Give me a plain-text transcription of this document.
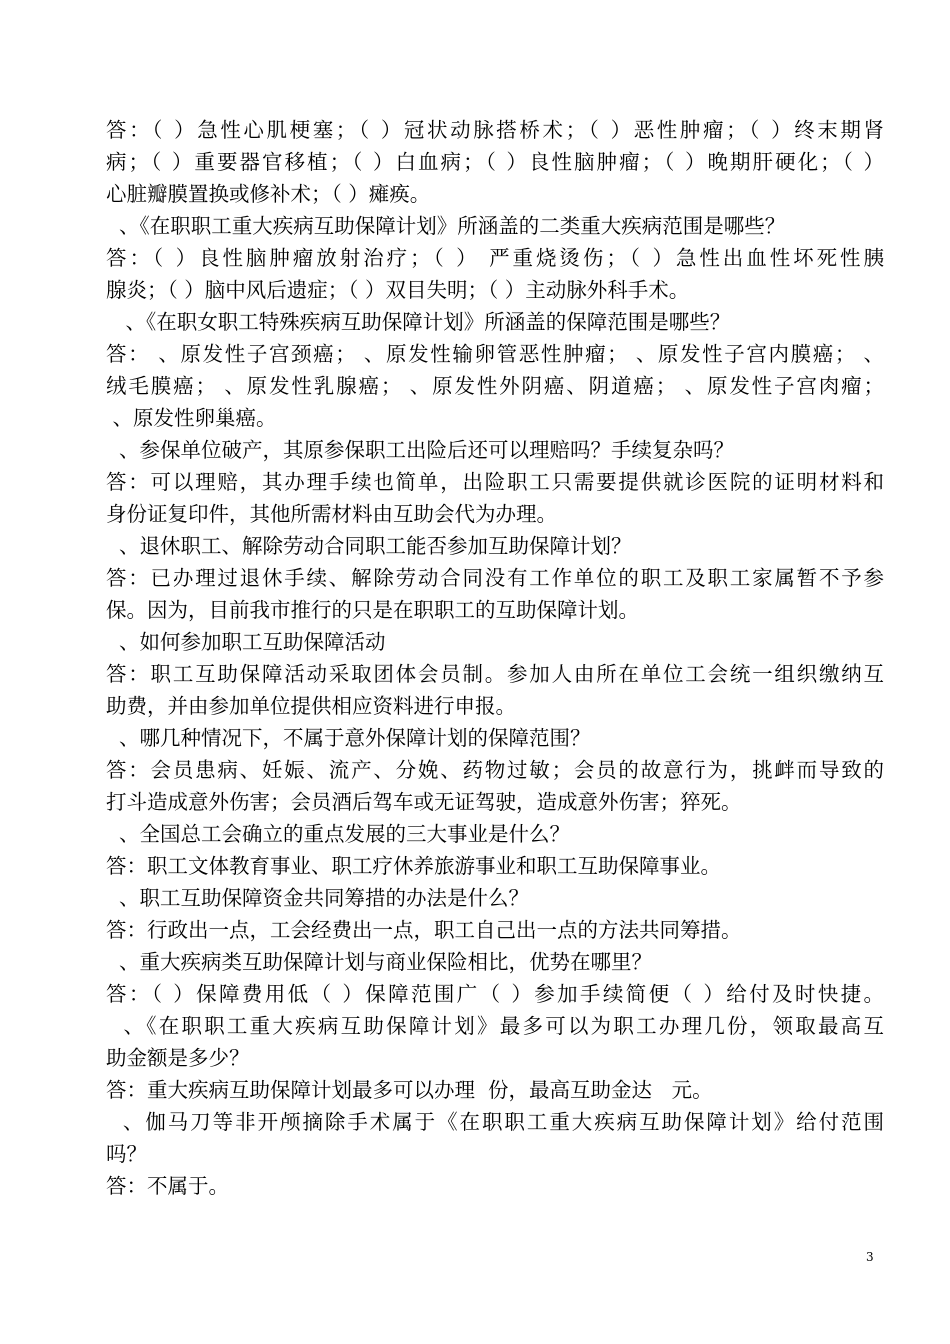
答：（ ）急性心肌梗塞；（ ）冠状动脉搭桥术；（ ）恶性肿瘤；（ ）终末期肾
病；（ ）重要器官移植；（ ）白血病；（ ）良性脑肿瘤；（ ）晚期肝硬化；（ ）
心脏瓣膜置换或修补术；（ ）瘫痪。
、《在职职工重大疾病互助保障计划》所涵盖的二类重大疾病范围是哪些？
答：（ ）良性脑肿瘤放射治疗；（ ） 严重烧烫伤；（ ）急性出血性坏死性胰
腺炎；（ ）脑中风后遗症；（ ）双目失明；（ ）主动脉外科手术。
、《在职女职工特殊疾病互助保障计划》所涵盖的保障范围是哪些？
答： 、原发性子宫颈癌； 、原发性输卵管恶性肿瘤； 、原发性子宫内膜癌； 、
绒毛膜癌； 、原发性乳腺癌； 、原发性外阴癌、阴道癌； 、原发性子宫肉瘤；
、原发性卵巢癌。
、参保单位破产，其原参保职工出险后还可以理赔吗？手续复杂吗？
答：可以理赔，其办理手续也简单，出险职工只需要提供就诊医院的证明材料和
身份证复印件，其他所需材料由互助会代为办理。
、退休职工、解除劳动合同职工能否参加互助保障计划？
答：已办理过退休手续、解除劳动合同没有工作单位的职工及职工家属暂不予参
保。因为，目前我市推行的只是在职职工的互助保障计划。
、如何参加职工互助保障活动
答：职工互助保障活动采取团体会员制。参加人由所在单位工会统一组织缴纳互
助费，并由参加单位提供相应资料进行申报。
、哪几种情况下，不属于意外保障计划的保障范围？
答：会员患病、妊娠、流产、分娩、药物过敏；会员的故意行为，挑衅而导致的
打斗造成意外伤害；会员酒后驾车或无证驾驶，造成意外伤害；猝死。
、全国总工会确立的重点发展的三大事业是什么？
答：职工文体教育事业、职工疗休养旅游事业和职工互助保障事业。
、职工互助保障资金共同筹措的办法是什么？
答：行政出一点，工会经费出一点，职工自己出一点的方法共同筹措。
、重大疾病类互助保障计划与商业保险相比，优势在哪里？
答：（ ）保障费用低（ ）保障范围广（ ）参加手续简便（ ）给付及时快捷。
、《在职职工重大疾病互助保障计划》最多可以为职工办理几份，领取最高互
助金额是多少？
答：重大疾病互助保障计划最多可以办理  份，最高互助金达   元。
、伽马刀等非开颅摘除手术属于《在职职工重大疾病互助保障计划》给付范围
吗？
答：不属于。
3
